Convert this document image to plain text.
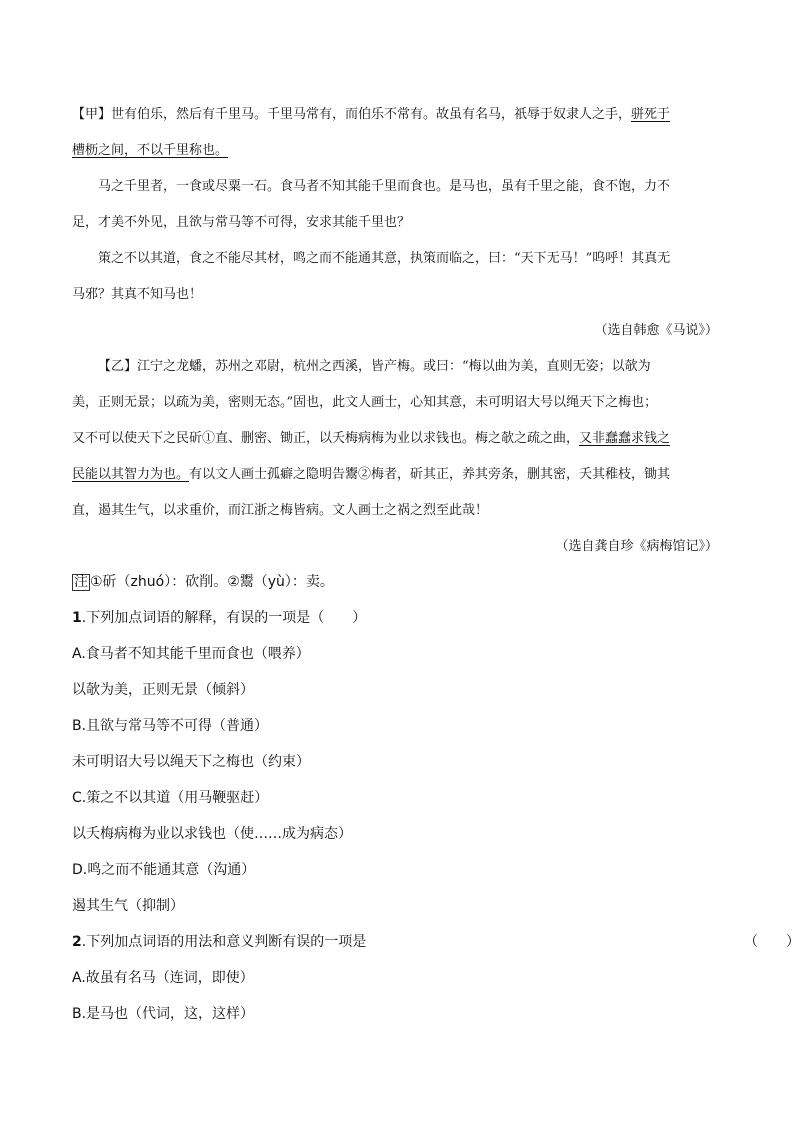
【甲】世有伯乐，然后有千里马。千里马常有，而伯乐不常有。故虽有名马，祇辱于奴隶人之手，骈死于
槽枥之间，不以千里称也。
马之千里者，一食或尽粟一石。食马者不知其能千里而食也。是马也，虽有千里之能，食不饱，力不
足，才美不外见，且欲与常马等不可得，安求其能千里也？
策之不以其道，食之不能尽其材，鸣之而不能通其意，执策而临之，曰：“天下无马！”呜呼！其真无
马邪？其真不知马也！
（选自韩愈《马说》）
【乙】江宁之龙蟠，苏州之邓尉，杭州之西溪，皆产梅。或曰：“梅以曲为美，直则无姿；以欹为
美，正则无景；以疏为美，密则无态。”固也，此文人画士，心知其意，未可明诏大号以绳天下之梅也；
又不可以使天下之民斫①直、删密、锄正，以夭梅病梅为业以求钱也。梅之欹之疏之曲，又非蠢蠢求钱之
民能以其智力为也。有以文人画士孤癖之隐明告鬻②梅者，斫其正，养其旁条，删其密，夭其稚枝，锄其
直，遏其生气，以求重价，而江浙之梅皆病。文人画士之祸之烈至此哉！
（选自龚自珍《病梅馆记》）
注 ①斫（zhuó）：砍削。②鬻（yù）：卖。
1.下列加点词语的解释，有误的一项是（　　）
A.食马者不知其能千里而食也（喂养）
以欹为美，正则无景（倾斜）
B.且欲与常马等不可得（普通）
未可明诏大号以绳天下之梅也（约束）
C.策之不以其道（用马鞭驱赶）
以夭梅病梅为业以求钱也（使……成为病态）
D.鸣之而不能通其意（沟通）
遏其生气（抑制）
2.下列加点词语的用法和意义判断有误的一项是	（　　）
A.故虽有名马（连词，即使）
B.是马也（代词，这，这样）
